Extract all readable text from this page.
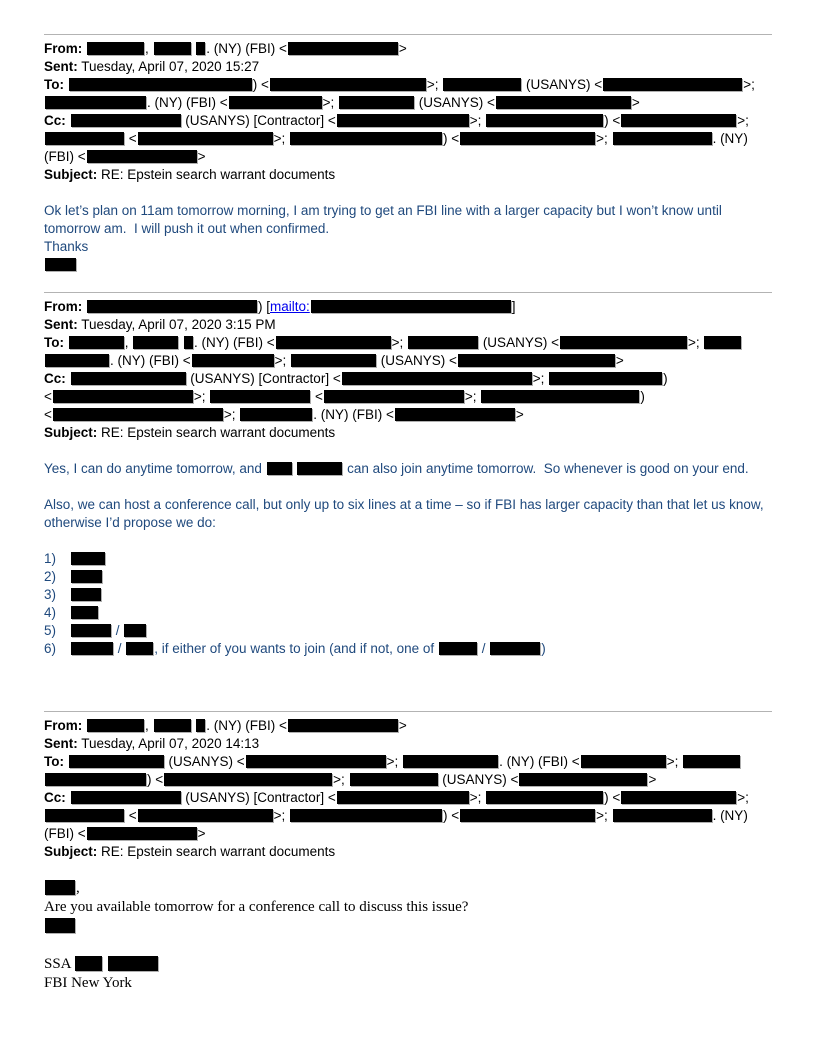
From:	,	. (NY) (FBI) <	>
Sent: Tuesday, April 07, 2020 15:27
To:	) <	>;	(USANYS) <	>;
. (NY) (FBI) <	>;	(USANYS) <	>
Cc:	(USANYS) [Contractor] <	>;	) <	>;
<	>;	) <	>;	. (NY)
(FBI) <	>
Subject: RE: Epstein search warrant documents
Ok let’s plan on 11am tomorrow morning, I am trying to get an FBI line with a larger capacity but I won’t know until
tomorrow am.  I will push it out when confirmed.
Thanks
From:	) [mailto:	]
Sent: Tuesday, April 07, 2020 3:15 PM
To:	,	. (NY) (FBI) <	>;	(USANYS) <	>;
. (NY) (FBI) <	>;	(USANYS) <	>
Cc:	(USANYS) [Contractor] <	>;	)
<	>;	<	>;	)
<	>;	. (NY) (FBI) <	>
Subject: RE: Epstein search warrant documents
Yes, I can do anytime tomorrow, and	can also join anytime tomorrow.  So whenever is good on your end.

Also, we can host a conference call, but only up to six lines at a time – so if FBI has larger capacity than that let us know,
otherwise I’d propose we do:

1)
2)
3)
4)
5)	/
6)	/ , if either of you wants to join (and if not, one of	/	)
From:	,	. (NY) (FBI) <	>
Sent: Tuesday, April 07, 2020 14:13
To:	(USANYS) <	>;	. (NY) (FBI) <	>;
) <	>;	(USANYS) <	>
Cc:	(USANYS) [Contractor] <	>;	) <	>;
<	>;	) <	>;	. (NY)
(FBI) <	>
Subject: RE: Epstein search warrant documents
,
Are you available tomorrow for a conference call to discuss this issue?

SSA
FBI New York
